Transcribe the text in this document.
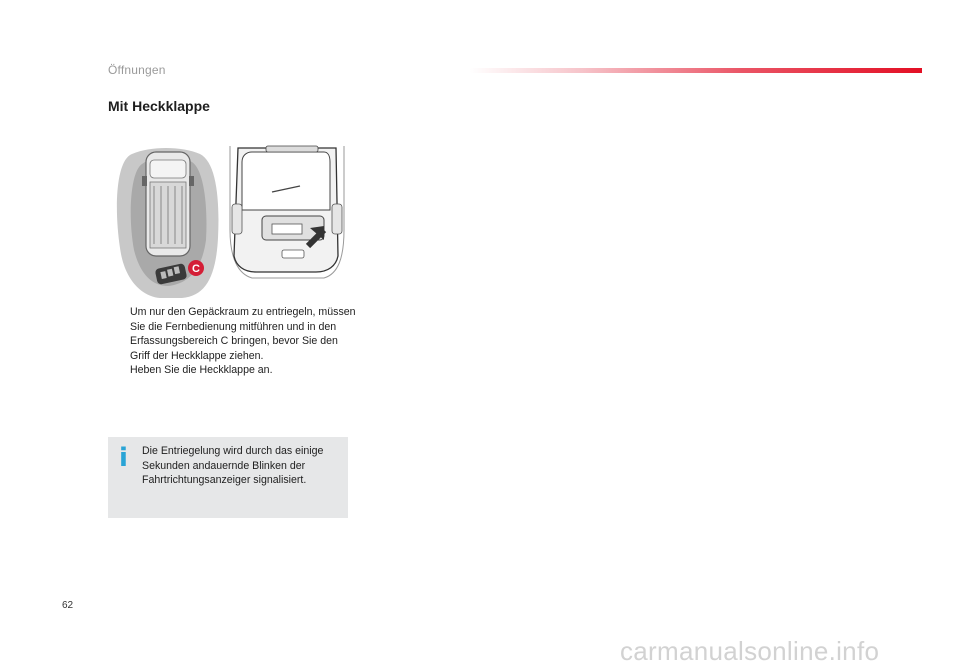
Öffnungen
Mit Heckklappe
C
Um nur den Gepäckraum zu entriegeln, müssen Sie die Fernbedienung mitführen und in den Erfassungsbereich C bringen, bevor Sie den Griff der Heckklappe ziehen.
Heben Sie die Heckklappe an.
i Die Entriegelung wird durch das einige Sekunden andauernde Blinken der Fahrtrichtungsanzeiger signalisiert.
62
carmanualsonline.info
